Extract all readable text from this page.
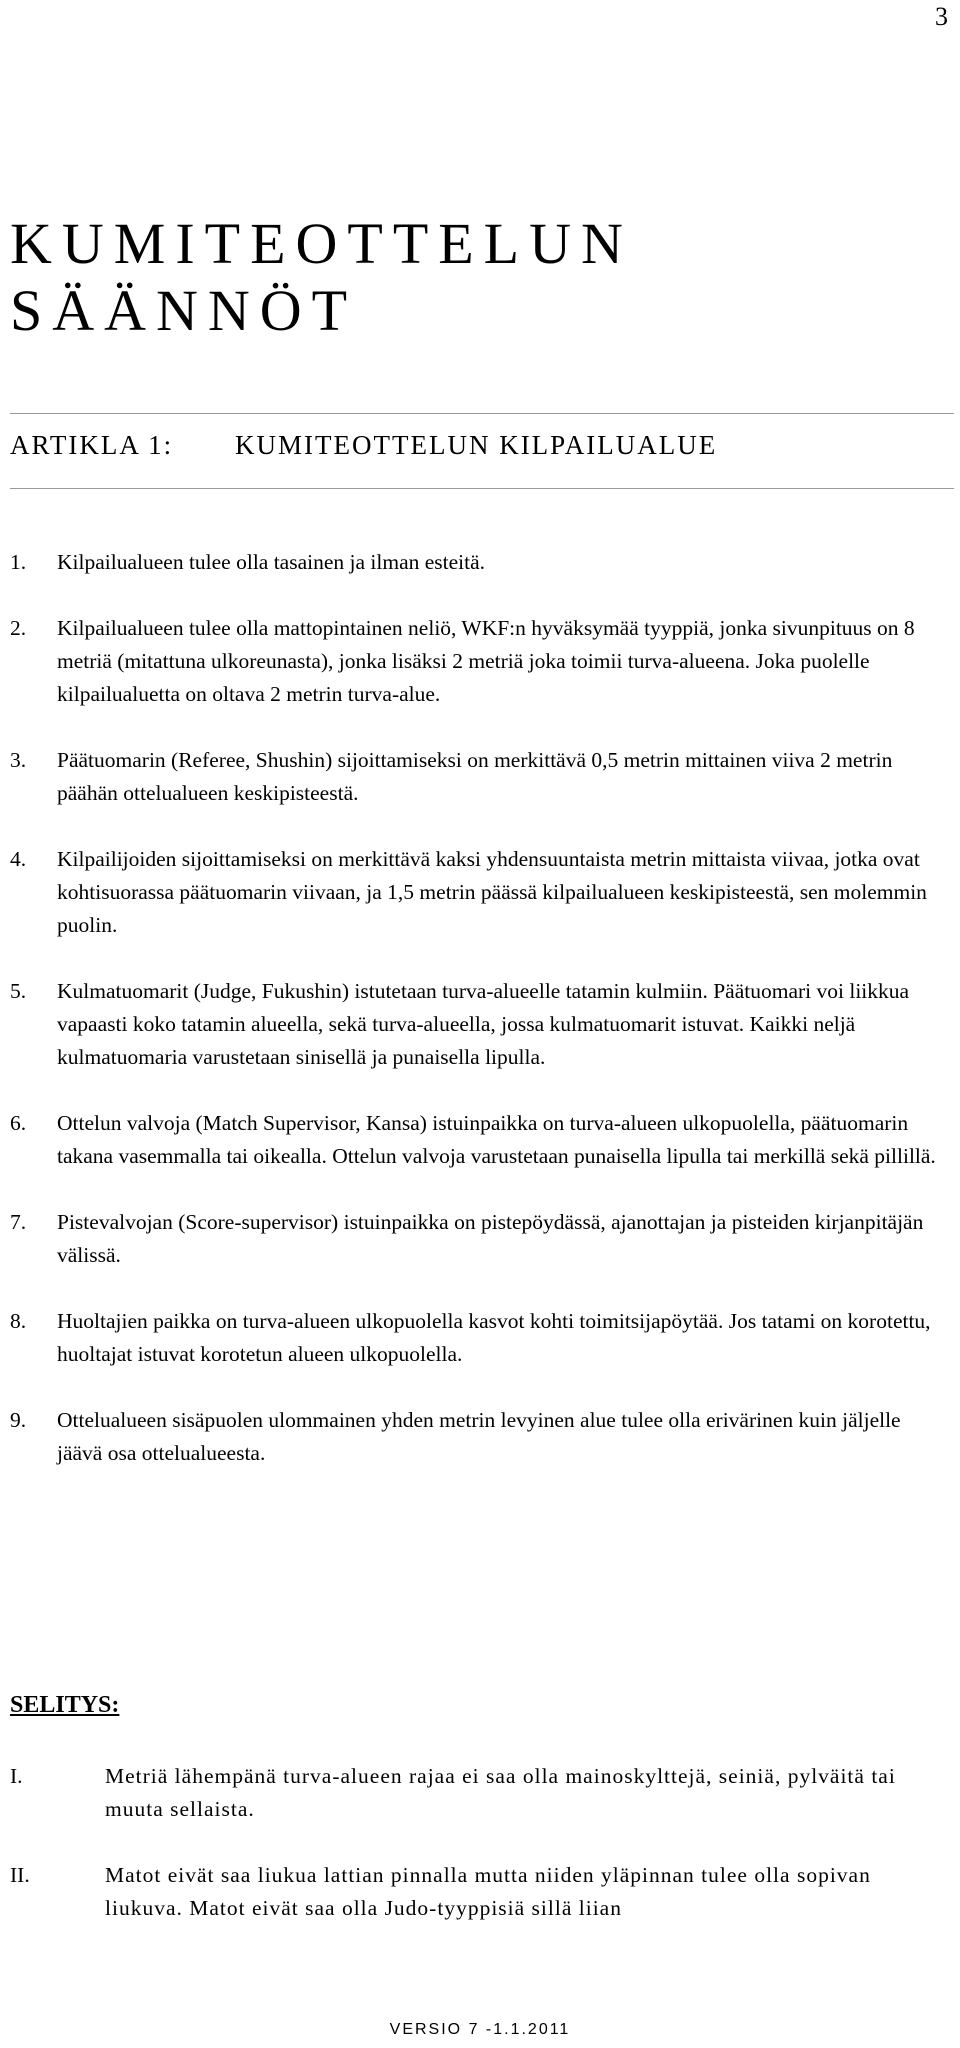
3
KUMITEOTTELUN
SÄÄNNÖT
ARTIKLA 1: KUMITEOTTELUN KILPAILUALUE
1. Kilpailualueen tulee olla tasainen ja ilman esteitä.
2. Kilpailualueen tulee olla mattopintainen neliö, WKF:n hyväksymää tyyppiä, jonka sivunpituus on 8 metriä (mitattuna ulkoreunasta), jonka lisäksi 2 metriä joka toimii turva-alueena. Joka puolelle kilpailualuetta on oltava 2 metrin turva-alue.
3. Päätuomarin (Referee, Shushin) sijoittamiseksi on merkittävä 0,5 metrin mittainen viiva 2 metrin päähän ottelualueen keskipisteestä.
4. Kilpailijoiden sijoittamiseksi on merkittävä kaksi yhdensuuntaista metrin mittaista viivaa, jotka ovat kohtisuorassa päätuomarin viivaan, ja 1,5 metrin päässä kilpailualueen keskipisteestä, sen molemmin puolin.
5. Kulmatuomarit (Judge, Fukushin) istutetaan turva-alueelle tatamin kulmiin. Päätuomari voi liikkua vapaasti koko tatamin alueella, sekä turva-alueella, jossa kulmatuomarit istuvat. Kaikki neljä kulmatuomaria varustetaan sinisellä ja punaisella lipulla.
6. Ottelun valvoja (Match Supervisor, Kansa) istuinpaikka on turva-alueen ulkopuolella, päätuomarin takana vasemmalla tai oikealla. Ottelun valvoja varustetaan punaisella lipulla tai merkillä sekä pillillä.
7. Pistevalvojan (Score-supervisor) istuinpaikka on pistepöydässä, ajanottajan ja pisteiden kirjanpitäjän välissä.
8. Huoltajien paikka on turva-alueen ulkopuolella kasvot kohti toimitsijapöytää. Jos tatami on korotettu, huoltajat istuvat korotetun alueen ulkopuolella.
9. Ottelualueen sisäpuolen ulommainen yhden metrin levyinen alue tulee olla erivärinen kuin jäljelle jäävä osa ottelualueesta.
SELITYS:
I.	Metriä lähempänä turva-alueen rajaa ei saa olla mainoskylttejä, seiniä, pylväitä tai muuta sellaista.
II.	Matot eivät saa liukua lattian pinnalla mutta niiden yläpinnan tulee olla sopivan liukuva. Matot eivät saa olla Judo-tyyppisiä sillä liian
VERSIO 7 -1.1.2011
